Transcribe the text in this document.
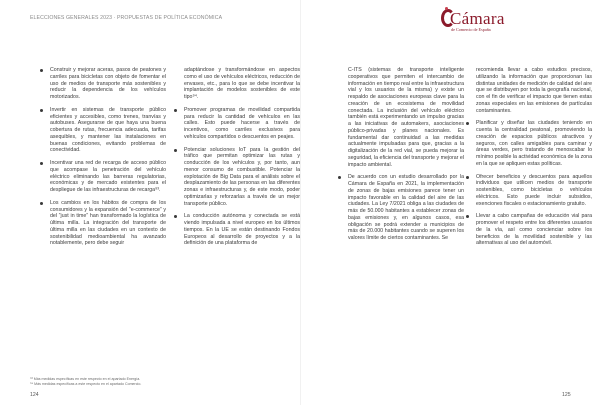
ELECCIONES GENERALES 2023 · PROPUESTAS DE POLÍTICA ECONÓMICA	Cámara
de Comercio de España
Construir y mejorar aceras, pasos de peatones y carriles para bicicletas con objeto de fomentar el uso de medios de transporte más sostenibles y reducir la dependencia de los vehículos motorizados.
Invertir en sistemas de transporte público eficientes y accesibles, como trenes, tranvías y autobuses. Asegurarse de que haya una buena cobertura de rutas, frecuencia adecuada, tarifas asequibles, y mantener las instalaciones en buenas condiciones, evitando problemas de conectividad.
Incentivar una red de recarga de acceso público que acompase la penetración del vehículo eléctrico eliminando las barreras regulatorias, económicas y de mercado existentes para el despliegue de las infraestructuras de recarga⁹³.
Los cambios en los hábitos de compra de los consumidores y la expansión del “e-commerce” y del “just in time” han transformado la logística de última milla. La integración del transporte de última milla en las ciudades en un contexto de sostenibilidad medioambiental ha avanzado notablemente, pero debe seguir
adaptándose y transformándose en aspectos como el uso de vehículos eléctricos, reducción de envases, etc., para lo que se debe incentivar la implantación de modelos sostenibles de este tipo⁹⁴.
Promover programas de movilidad compartida para reducir la cantidad de vehículos en las calles. Esto puede hacerse a través de incentivos, como carriles exclusivos para vehículos compartidos o descuentos en peajes.
Potenciar soluciones IoT para la gestión del tráfico que permitan optimizar las rutas y conducción de los vehículos y, por tanto, aun menor consumo de combustible. Potenciar la explotación de Big Data para el análisis sobre el desplazamiento de las personas en las diferentes zonas e infraestructuras y, de este modo, poder optimizarlas y reforzarlas a través de un mejor transporte público.
La conducción autónoma y conectada se está viendo impulsada a nivel europeo en los últimos tiempos. En la UE se están destinando Fondos Europeos al desarrollo de proyectos y a la definición de una plataforma de
C-ITS (sistemas de transporte inteligente cooperativos que permiten el intercambio de información en tiempo real entre la infraestructura vial y los usuarios de la misma) y existe un respaldo de asociaciones europeas clave para la creación de un ecosistema de movilidad conectada. La inclusión del vehículo eléctrico también está experimentando un impulso gracias a las iniciativas de automakers, asociaciones público-privadas y planes nacionales. Es fundamental dar continuidad a las medidas actualmente impulsadas para que, gracias a la digitalización de la red vial, se pueda mejorar la seguridad, la eficiencia del transporte y mejorar el impacto ambiental.
De acuerdo con un estudio desarrollado por la Cámara de España en 2021, la implementación de zonas de bajas emisiones parece tener un impacto favorable en la calidad del aire de las ciudades. La Ley 7/2021 obliga a las ciudades de más de 50.000 habitantes a establecer zonas de bajas emisiones y, en algunos casos, esa obligación se podrá extender a municipios de más de 20.000 habitantes cuando se superen los valores límite de ciertos contaminantes. Se
recomienda llevar a cabo estudios precisos, utilizando la información que proporcionan las distintas unidades de medición de calidad del aire que se distribuyen por toda la geografía nacional, con el fin de verificar el impacto que tienen estas zonas especiales en las emisiones de partículas contaminantes.
Planificar y diseñar las ciudades teniendo en cuenta la centralidad peatonal, promoviendo la creación de espacios públicos atractivos y seguros, con calles amigables para caminar y áreas verdes, pero tratando de menoscabar lo mínimo posible la actividad económica de la zona en la que se apliquen estas políticas.
Ofrecer beneficios y descuentos para aquellos individuos que utilicen medios de transporte sostenibles, como bicicletas o vehículos eléctricos. Esto puede incluir subsidios, exenciones fiscales o estacionamiento gratuito.
Llevar a cabo campañas de educación vial para promover el respeto entre los diferentes usuarios de la vía, así como concienciar sobre los beneficios de la movilidad sostenible y las alternativas al uso del automóvil.
⁹³ Más medidas específicas en este respecto en el apartado Energía.
⁹⁴ Más medidas específicas a este respecto en el apartado Comercio.
124	125
